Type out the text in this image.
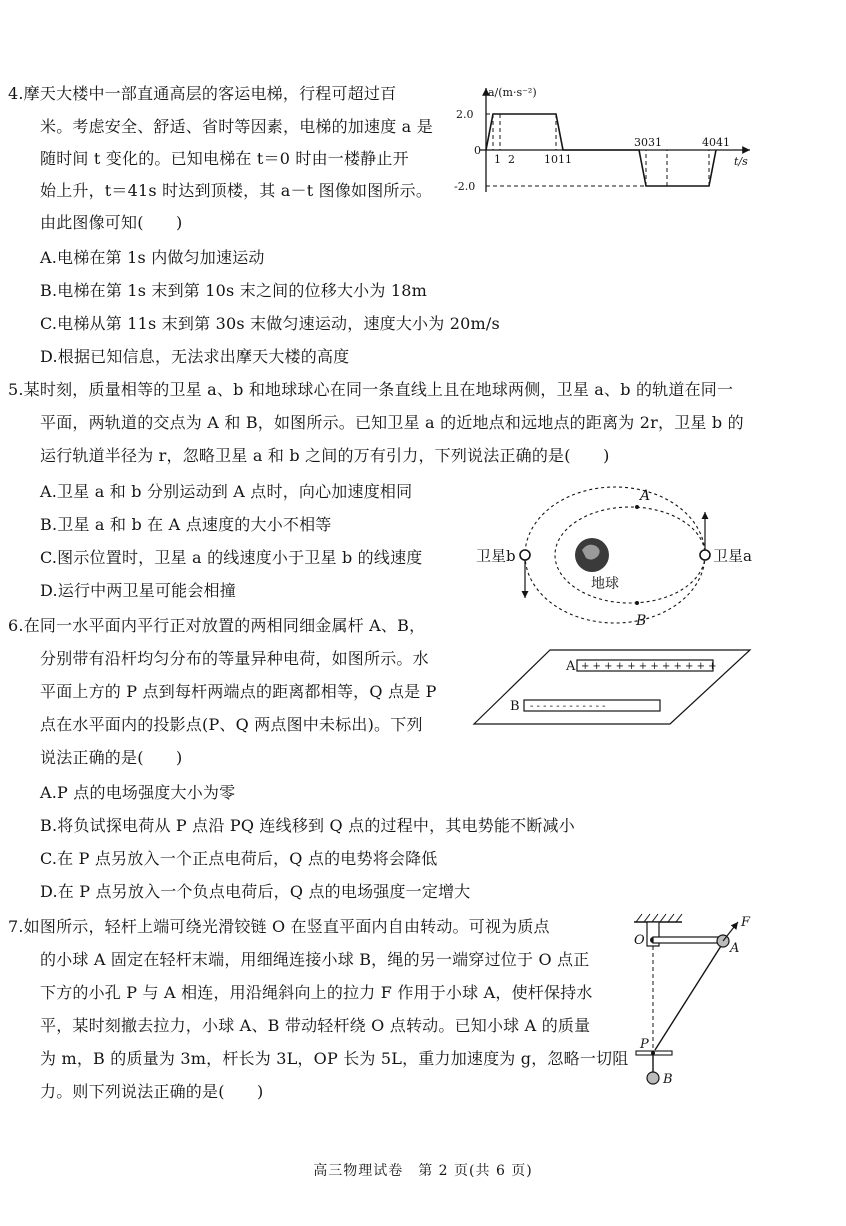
4.摩天大楼中一部直通高层的客运电梯，行程可超过百
米。考虑安全、舒适、省时等因素，电梯的加速度 a 是
随时间 t 变化的。已知电梯在 t＝0 时由一楼静止开
始上升，t＝41s 时达到顶楼，其 a－t 图像如图所示。
由此图像可知(　　)
A.电梯在第 1s 内做匀加速运动
B.电梯在第 1s 末到第 10s 末之间的位移大小为 18m
C.电梯从第 11s 末到第 30s 末做匀速运动，速度大小为 20m/s
D.根据已知信息，无法求出摩天大楼的高度
a/(m·s⁻²)
t/s
2.0
0
-2.0
1 2	10 11
30 31	40 41
5.某时刻，质量相等的卫星 a、b 和地球球心在同一条直线上且在地球两侧，卫星 a、b 的轨道在同一
平面，两轨道的交点为 A 和 B，如图所示。已知卫星 a 的近地点和远地点的距离为 2r，卫星 b 的
运行轨道半径为 r，忽略卫星 a 和 b 之间的万有引力，下列说法正确的是(　　)
A.卫星 a 和 b 分别运动到 A 点时，向心加速度相同
B.卫星 a 和 b 在 A 点速度的大小不相等
C.图示位置时，卫星 a 的线速度小于卫星 b 的线速度
D.运行中两卫星可能会相撞
A
B
卫星b	卫星a
地球
6.在同一水平面内平行正对放置的两相同细金属杆 A、B，
分别带有沿杆均匀分布的等量异种电荷，如图所示。水
平面上方的 P 点到每杆两端点的距离都相等，Q 点是 P
点在水平面内的投影点(P、Q 两点图中未标出)。下列
说法正确的是(　　)
A.P 点的电场强度大小为零
B.将负试探电荷从 P 点沿 PQ 连线移到 Q 点的过程中，其电势能不断减小
C.在 P 点另放入一个正点电荷后，Q 点的电势将会降低
D.在 P 点另放入一个负点电荷后，Q 点的电场强度一定增大
A
B
+ + + + + + + + + + + +
- - - - - - - - - - - -
7.如图所示，轻杆上端可绕光滑铰链 O 在竖直平面内自由转动。可视为质点
的小球 A 固定在轻杆末端，用细绳连接小球 B，绳的另一端穿过位于 O 点正
下方的小孔 P 与 A 相连，用沿绳斜向上的拉力 F 作用于小球 A，使杆保持水
平，某时刻撤去拉力，小球 A、B 带动轻杆绕 O 点转动。已知小球 A 的质量
为 m，B 的质量为 3m，杆长为 3L，OP 长为 5L，重力加速度为 g，忽略一切阻
力。则下列说法正确的是(　　)
O
A
F
P
B
高三物理试卷　第 2 页(共 6 页)
